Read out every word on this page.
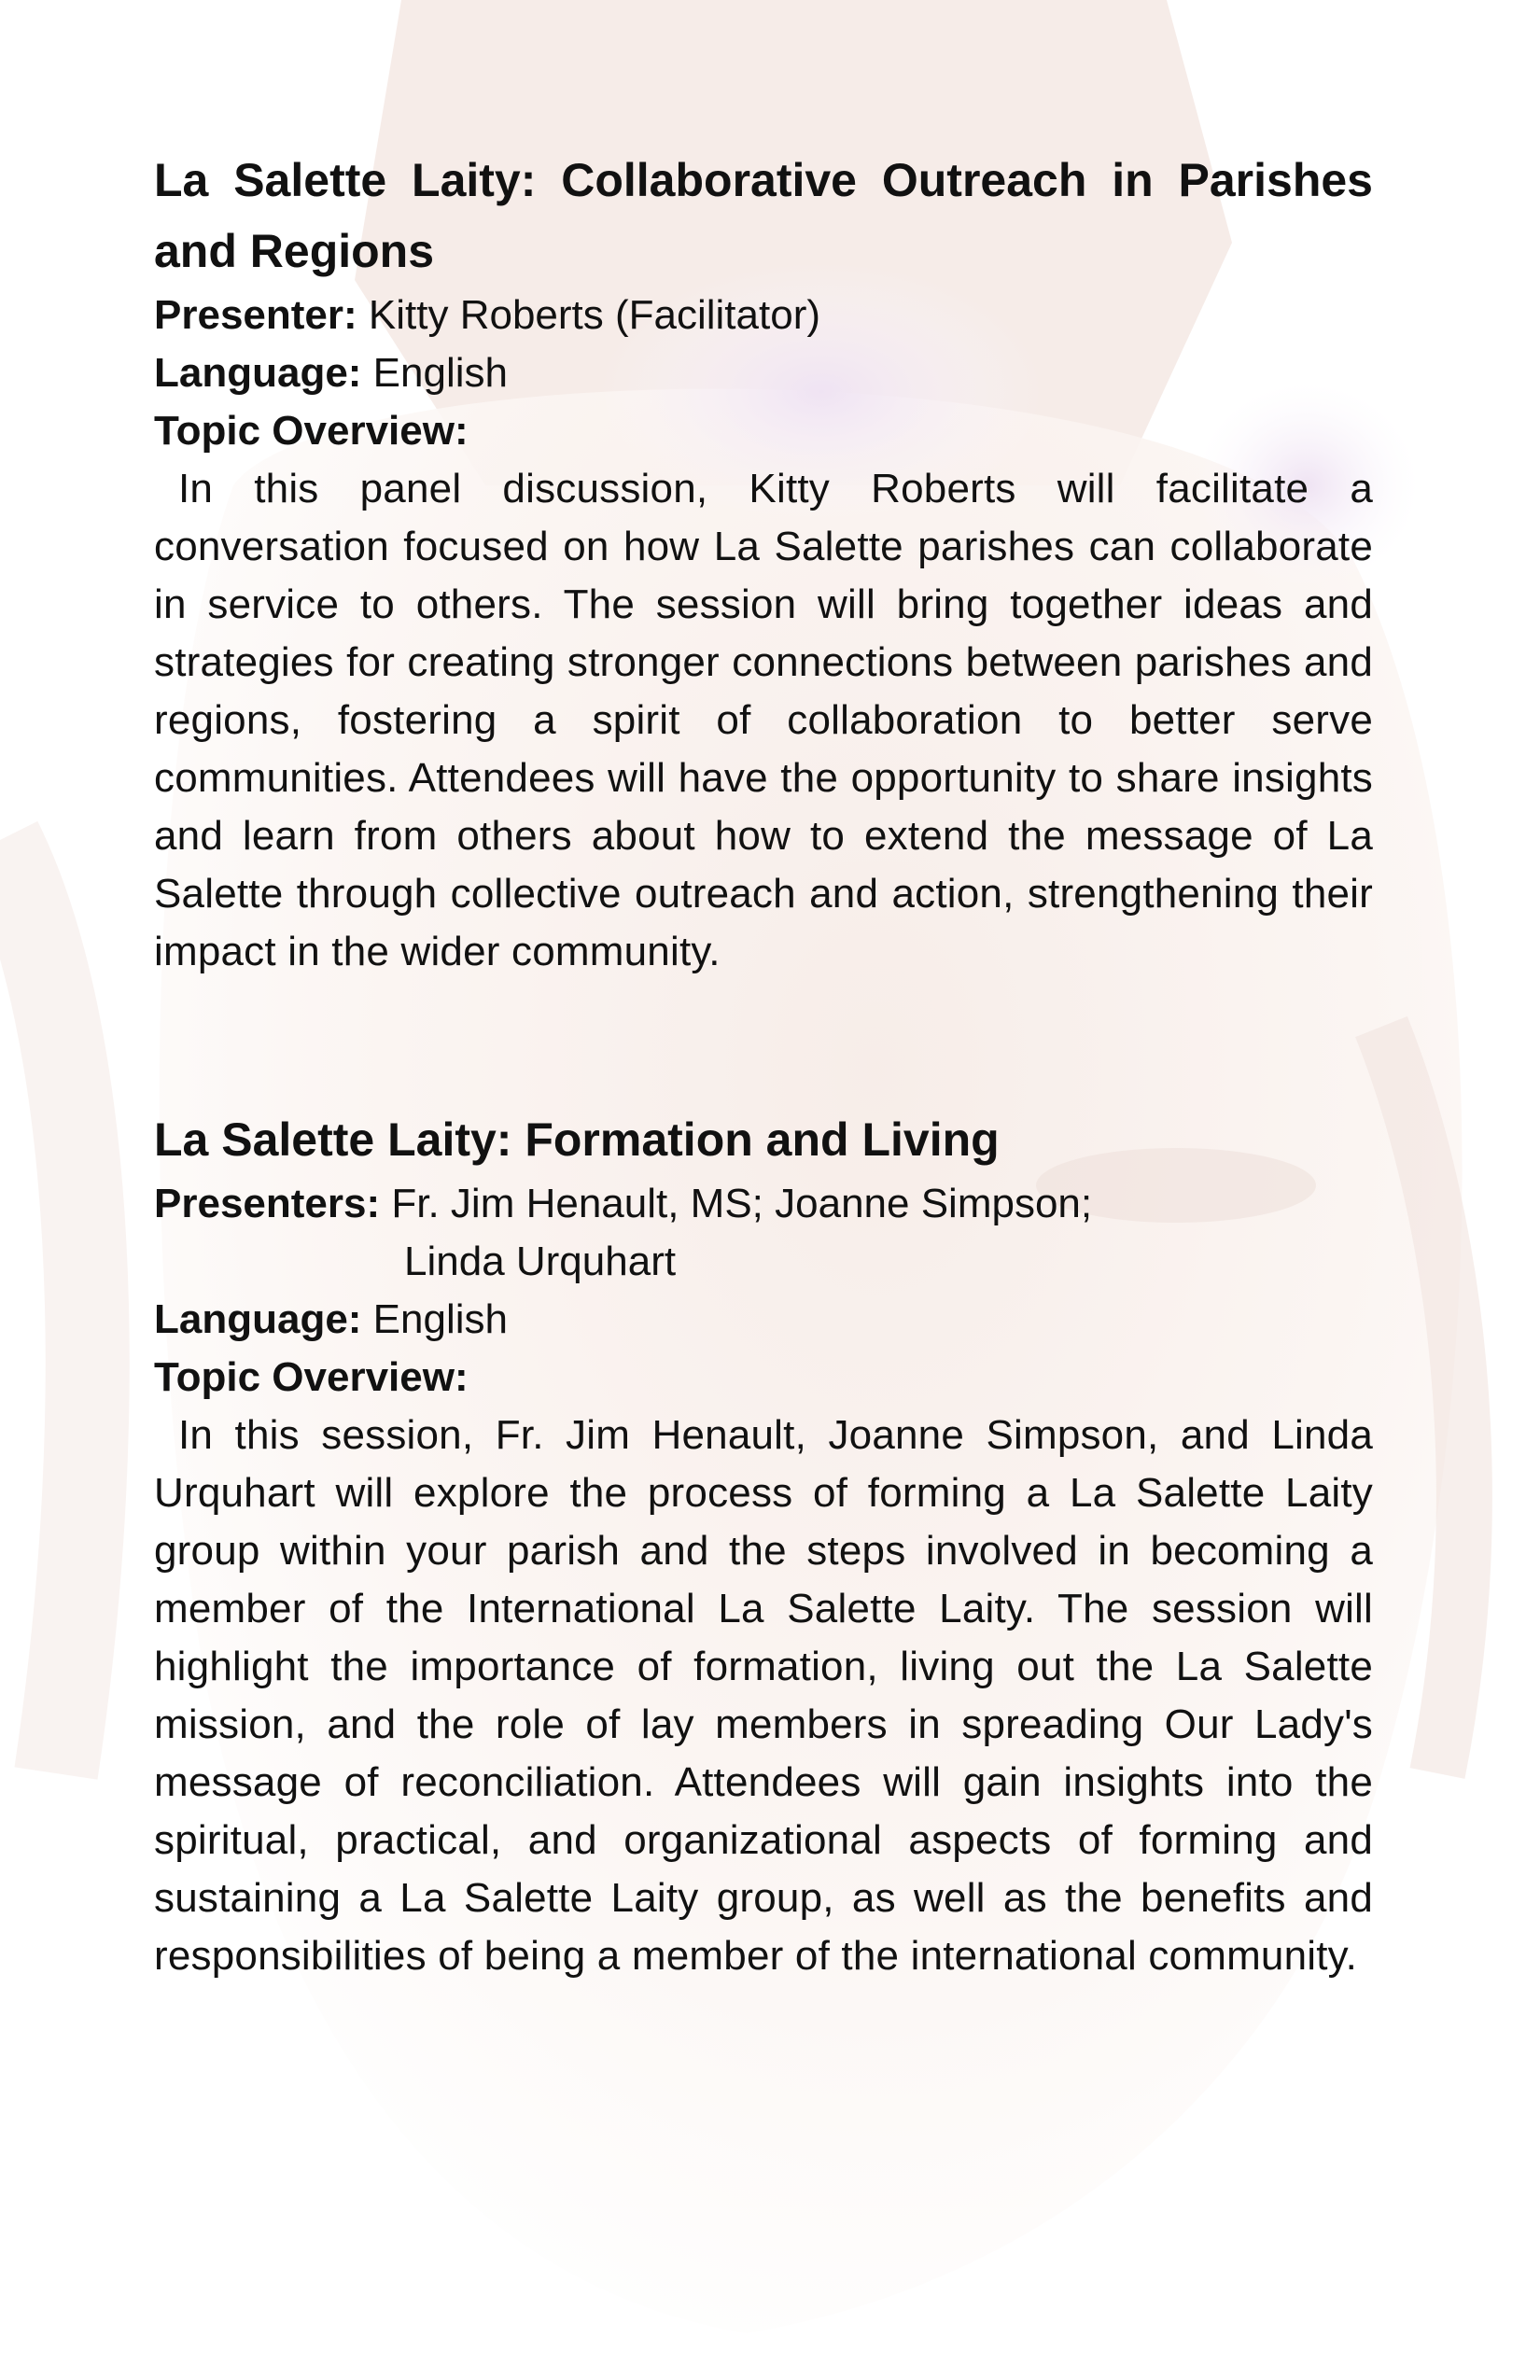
La Salette Laity: Collaborative Outreach in Parishes and Regions

Presenter: Kitty Roberts (Facilitator)

Language: English

Topic Overview:

In this panel discussion, Kitty Roberts will facilitate a conversation focused on how La Salette parishes can collaborate in service to others. The session will bring together ideas and strategies for creating stronger connections between parishes and regions, fostering a spirit of collaboration to better serve communities. Attendees will have the opportunity to share insights and learn from others about how to extend the message of La Salette through collective outreach and action, strengthening their impact in the wider community.

La Salette Laity: Formation and Living

Presenters: Fr. Jim Henault, MS; Joanne Simpson;

Linda Urquhart

Language: English

Topic Overview:

In this session, Fr. Jim Henault, Joanne Simpson, and Linda Urquhart will explore the process of forming a La Salette Laity group within your parish and the steps involved in becoming a member of the International La Salette Laity. The session will highlight the importance of formation, living out the La Salette mission, and the role of lay members in spreading Our Lady's message of reconciliation. Attendees will gain insights into the spiritual, practical, and organizational aspects of forming and sustaining a La Salette Laity group, as well as the benefits and responsibilities of being a member of the international community.
